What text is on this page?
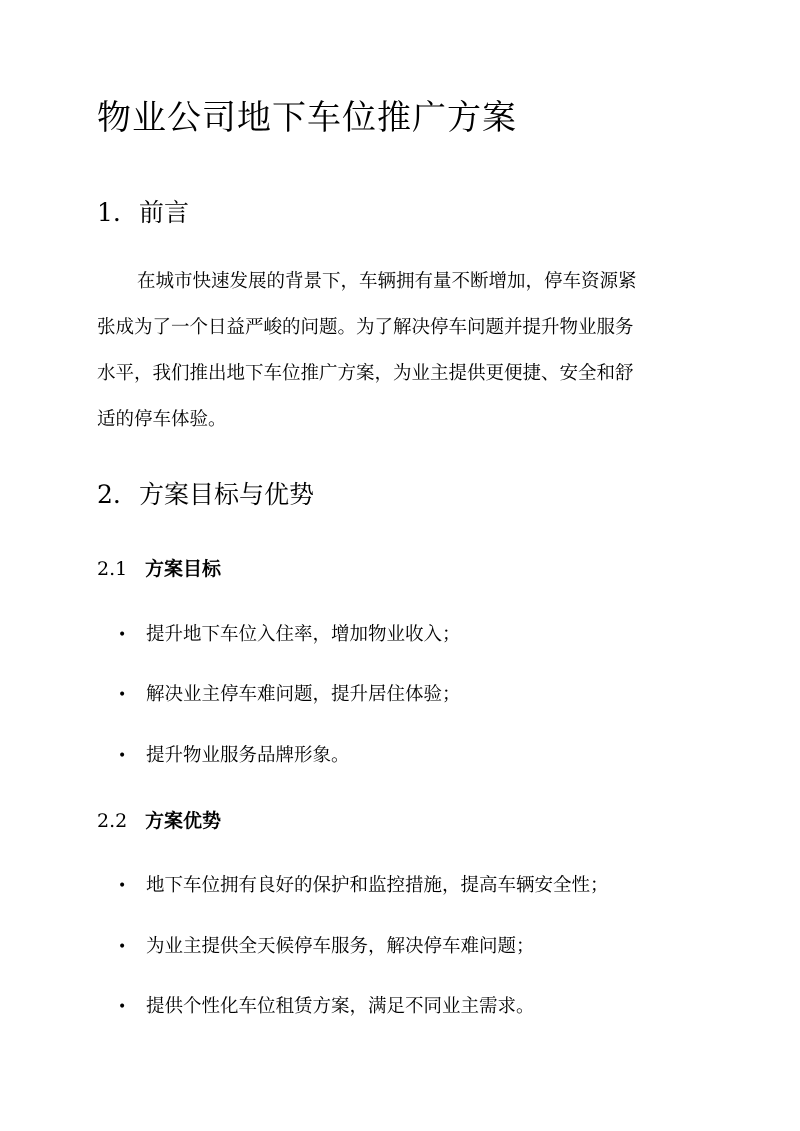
物业公司地下车位推广方案
1. 前言
在城市快速发展的背景下，车辆拥有量不断增加，停车资源紧
张成为了一个日益严峻的问题。为了解决停车问题并提升物业服务
水平，我们推出地下车位推广方案，为业主提供更便捷、安全和舒
适的停车体验。
2. 方案目标与优势
2.1 方案目标
• 提升地下车位入住率，增加物业收入；
• 解决业主停车难问题，提升居住体验；
• 提升物业服务品牌形象。
2.2 方案优势
• 地下车位拥有良好的保护和监控措施，提高车辆安全性；
• 为业主提供全天候停车服务，解决停车难问题；
• 提供个性化车位租赁方案，满足不同业主需求。
